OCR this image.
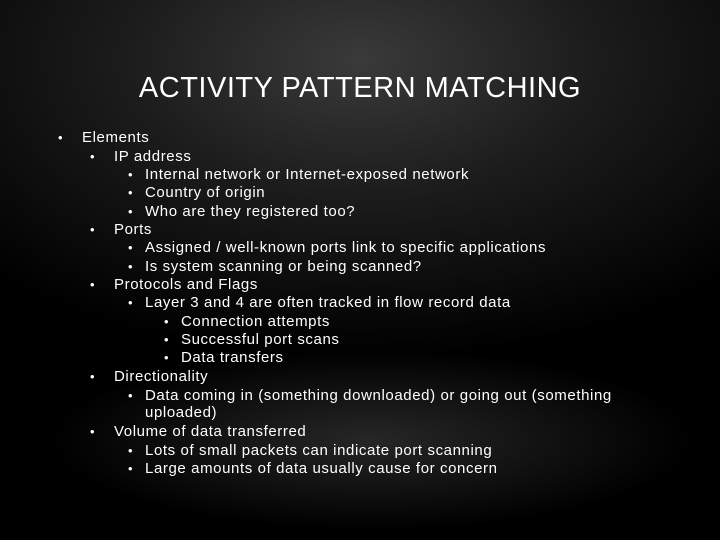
ACTIVITY PATTERN MATCHING
• Elements
• IP address
• Internal network or Internet-exposed network
• Country of origin
• Who are they registered too?
• Ports
• Assigned / well-known ports link to specific applications
• Is system scanning or being scanned?
• Protocols and Flags
• Layer 3 and 4 are often tracked in flow record data
• Connection attempts
• Successful port scans
• Data transfers
• Directionality
• Data coming in (something downloaded) or going out (something
uploaded)
• Volume of data transferred
• Lots of small packets can indicate port scanning
• Large amounts of data usually cause for concern
